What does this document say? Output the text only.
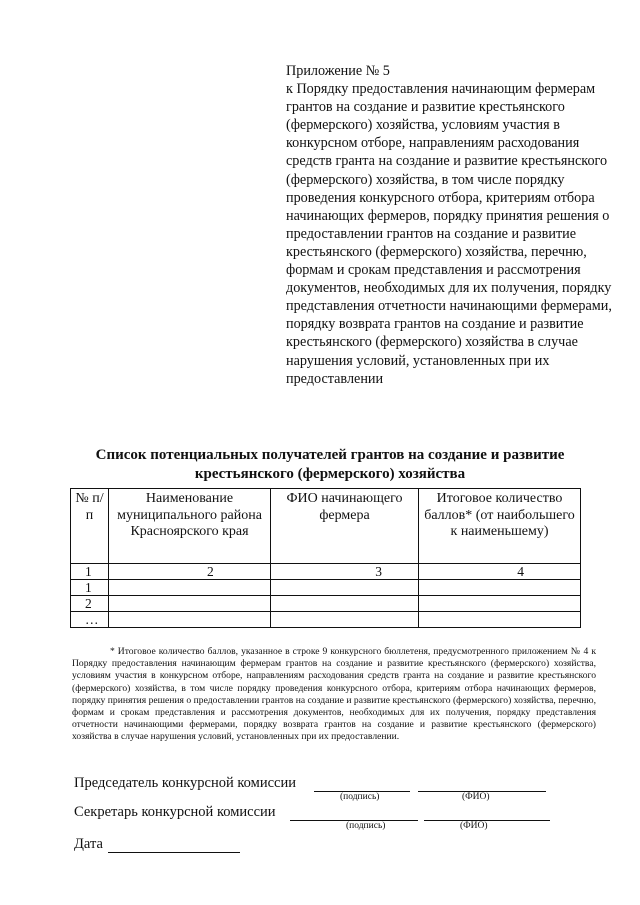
Приложение № 5
к Порядку предоставления начинающим фермерам грантов на создание и развитие крестьянского (фермерского) хозяйства, условиям участия в конкурсном отборе, направлениям расходования средств гранта на создание и развитие крестьянского (фермерского) хозяйства, в том числе порядку проведения конкурсного отбора, критериям отбора начинающих фермеров, порядку принятия решения о предоставлении грантов на создание и развитие крестьянского (фермерского) хозяйства, перечню, формам и срокам представления и рассмотрения документов, необходимых для их получения, порядку представления отчетности начинающими фермерами, порядку возврата грантов на создание и развитие крестьянского (фермерского) хозяйства в случае нарушения условий, установленных при их предоставлении
Список потенциальных получателей грантов на создание и развитие крестьянского (фермерского) хозяйства
№ п/п	Наименование муниципального района Красноярского края	ФИО начинающего фермера	Итоговое количество баллов* (от наибольшего к наименьшему)
1	2	3	4
1			
2			
…			
* Итоговое количество баллов, указанное в строке 9 конкурсного бюллетеня, предусмотренного приложением № 4 к Порядку предоставления начинающим фермерам грантов на создание и развитие крестьянского (фермерского) хозяйства, условиям участия в конкурсном отборе, направлениям расходования средств гранта на создание и развитие крестьянского (фермерского) хозяйства, в том числе порядку проведения конкурсного отбора, критериям отбора начинающих фермеров, порядку принятия решения о предоставлении грантов на создание и развитие крестьянского (фермерского) хозяйства, перечню, формам и срокам представления и рассмотрения документов, необходимых для их получения, порядку представления отчетности начинающими фермерами, порядку возврата грантов на создание и развитие крестьянского (фермерского) хозяйства в случае нарушения условий, установленных при их предоставлении.
Председатель конкурсной комиссии
(подпись)	(ФИО)
Секретарь конкурсной комиссии
(подпись)	(ФИО)
Дата
